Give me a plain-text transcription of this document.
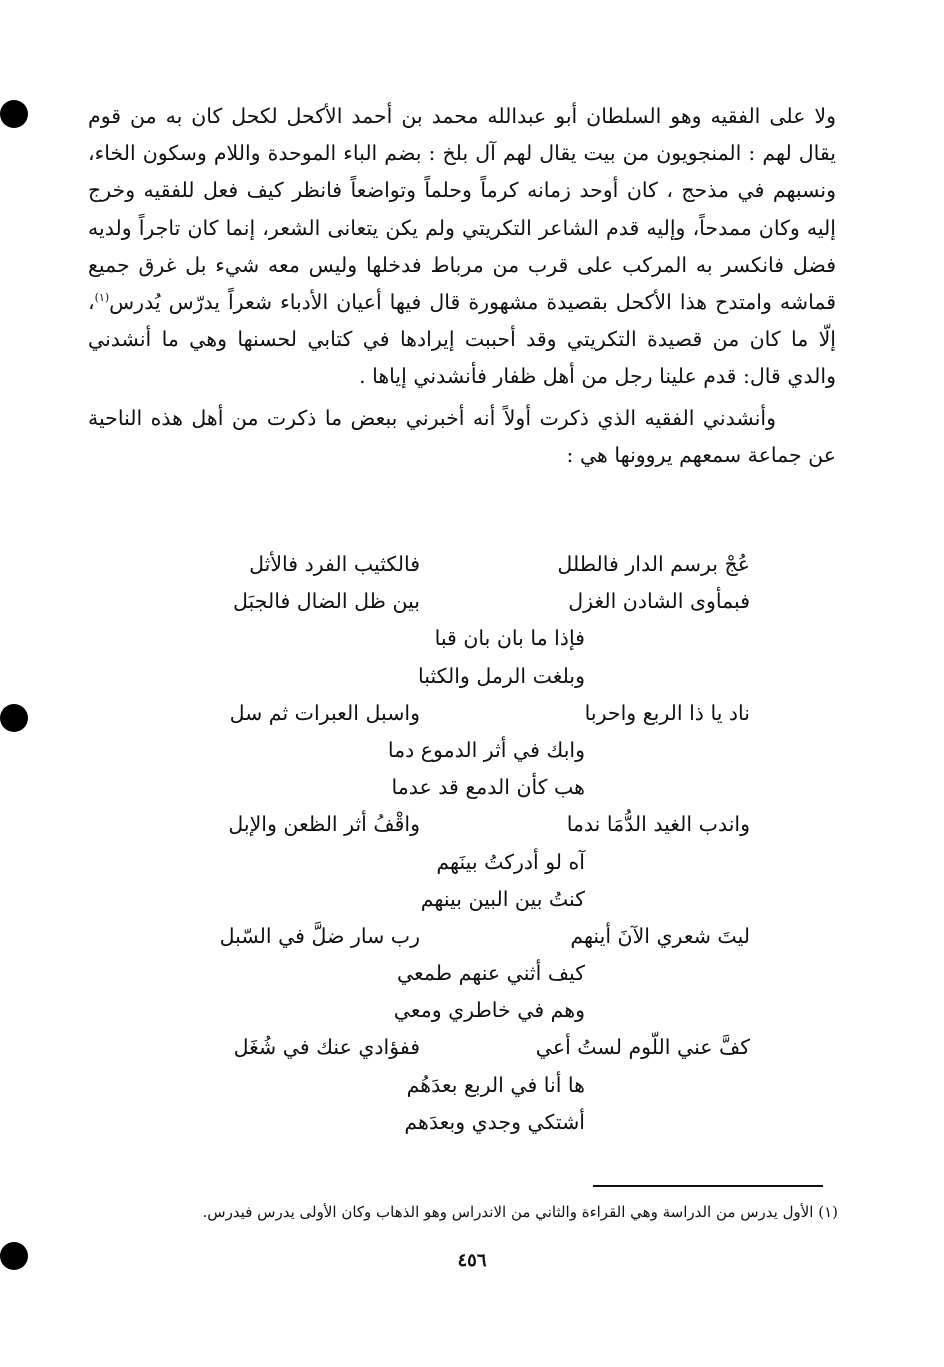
ولا على الفقيه وهو السلطان أبو عبدالله محمد بن أحمد الأكحل لكحل كان به من قوم يقال لهم : المنجويون من بيت يقال لهم آل بلخ : بضم الباء الموحدة واللام وسكون الخاء، ونسبهم في مذحج ، كان أوحد زمانه كرماً وحلماً وتواضعاً فانظر كيف فعل للفقيه وخرج إليه وكان ممدحاً، وإليه قدم الشاعر التكريتي ولم يكن يتعانى الشعر، إنما كان تاجراً ولديه فضل فانكسر به المركب على قرب من مرباط فدخلها وليس معه شيء بل غرق جميع قماشه وامتدح هذا الأكحل بقصيدة مشهورة قال فيها أعيان الأدباء شعراً يدرّس يُدرس$^{(١)}$، إلّا ما كان من قصيدة التكريتي وقد أحببت إيرادها في كتابي لحسنها وهي ما أنشدني والدي قال: قدم علينا رجل من أهل ظفار فأنشدني إياها .

وأنشدني الفقيه الذي ذكرت أولاً أنه أخبرني ببعض ما ذكرت من أهل هذه الناحية عن جماعة سمعهم يروونها هي :

عُجْ برسم الدار فالطلل
فالكثيب الفرد فالأثل
فبمأوى الشادن الغزل
بين ظل الضال فالجبَل
فإذا ما بان بان قبا
وبلغت الرمل والكثبا
ناد يا ذا الربع واحربا
واسبل العبرات ثم سل
وابك في أثر الدموع دما
هب كأن الدمع قد عدما
واندب الغيد الدُّمَا ندما
واقْفُ أثر الظعن والإبل
آه لو أدركتُ بينَهم
كنتُ بين البين بينهم
ليتَ شعري الآنَ أينهم
رب سار ضلَّ في السّبل
كيف أثني عنهم طمعي
وهم في خاطري ومعي
كفَّ عني اللّوم لستُ أعي
ففؤادي عنك في شُغَل
ها أنا في الربع بعدَهُم
أشتكي وجدي وبعدَهم
(١) الأول يدرس من الدراسة وهي القراءة والثاني من الاندراس وهو الذهاب وكان الأولى يدرس فيدرس.
٤٥٦
